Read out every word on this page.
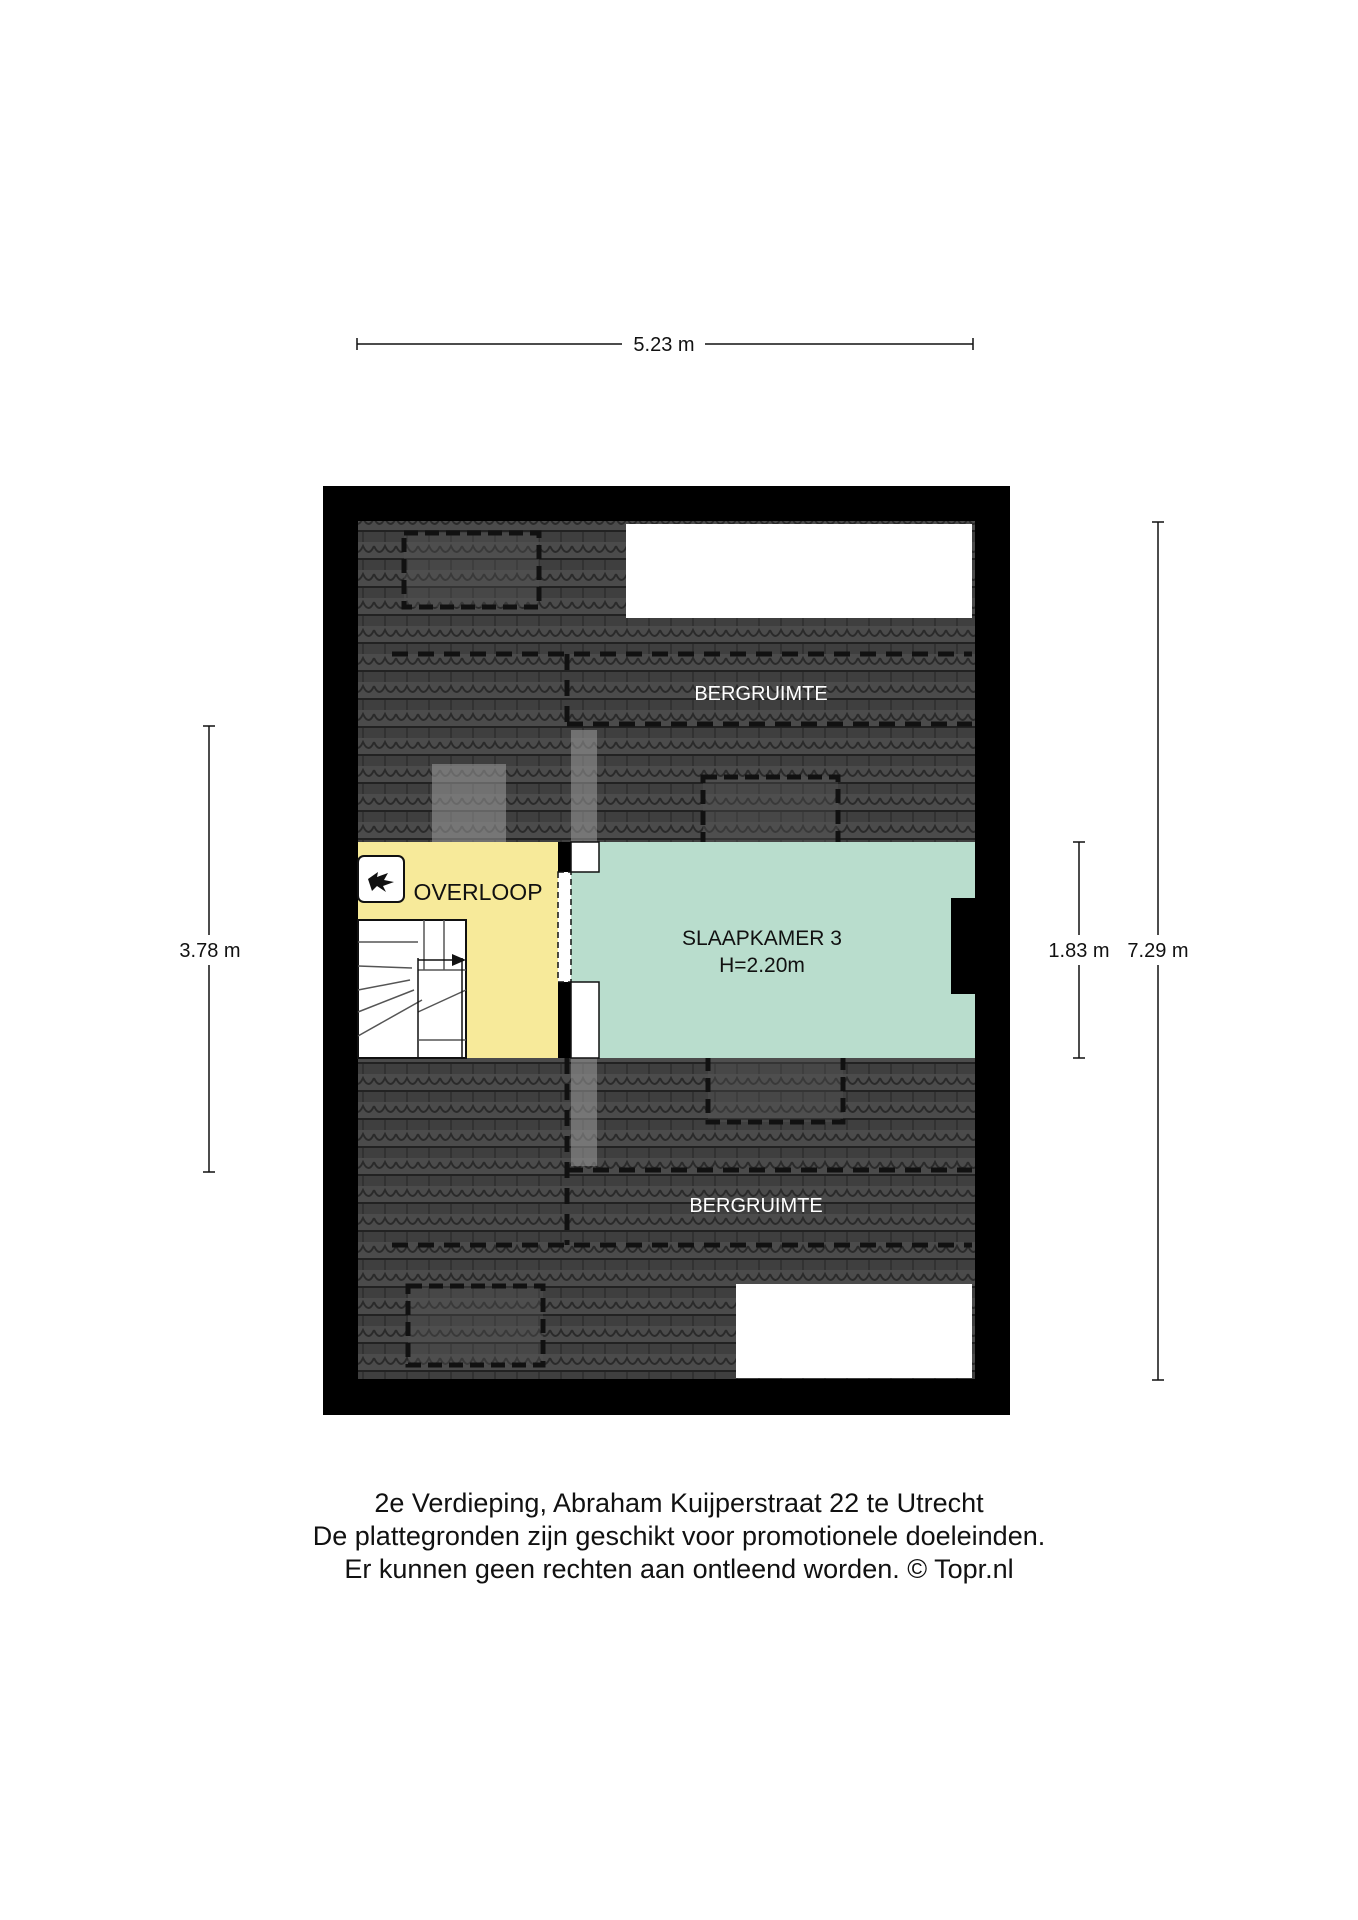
5.23 m
3.78 m	1.83 m 7.29 m
BERGRUIMTE
OVERLOOP
SLAAPKAMER 3
H=2.20m
BERGRUIMTE
2e Verdieping, Abraham Kuijperstraat 22 te Utrecht
De plattegronden zijn geschikt voor promotionele doeleinden.
Er kunnen geen rechten aan ontleend worden. © Topr.nl
